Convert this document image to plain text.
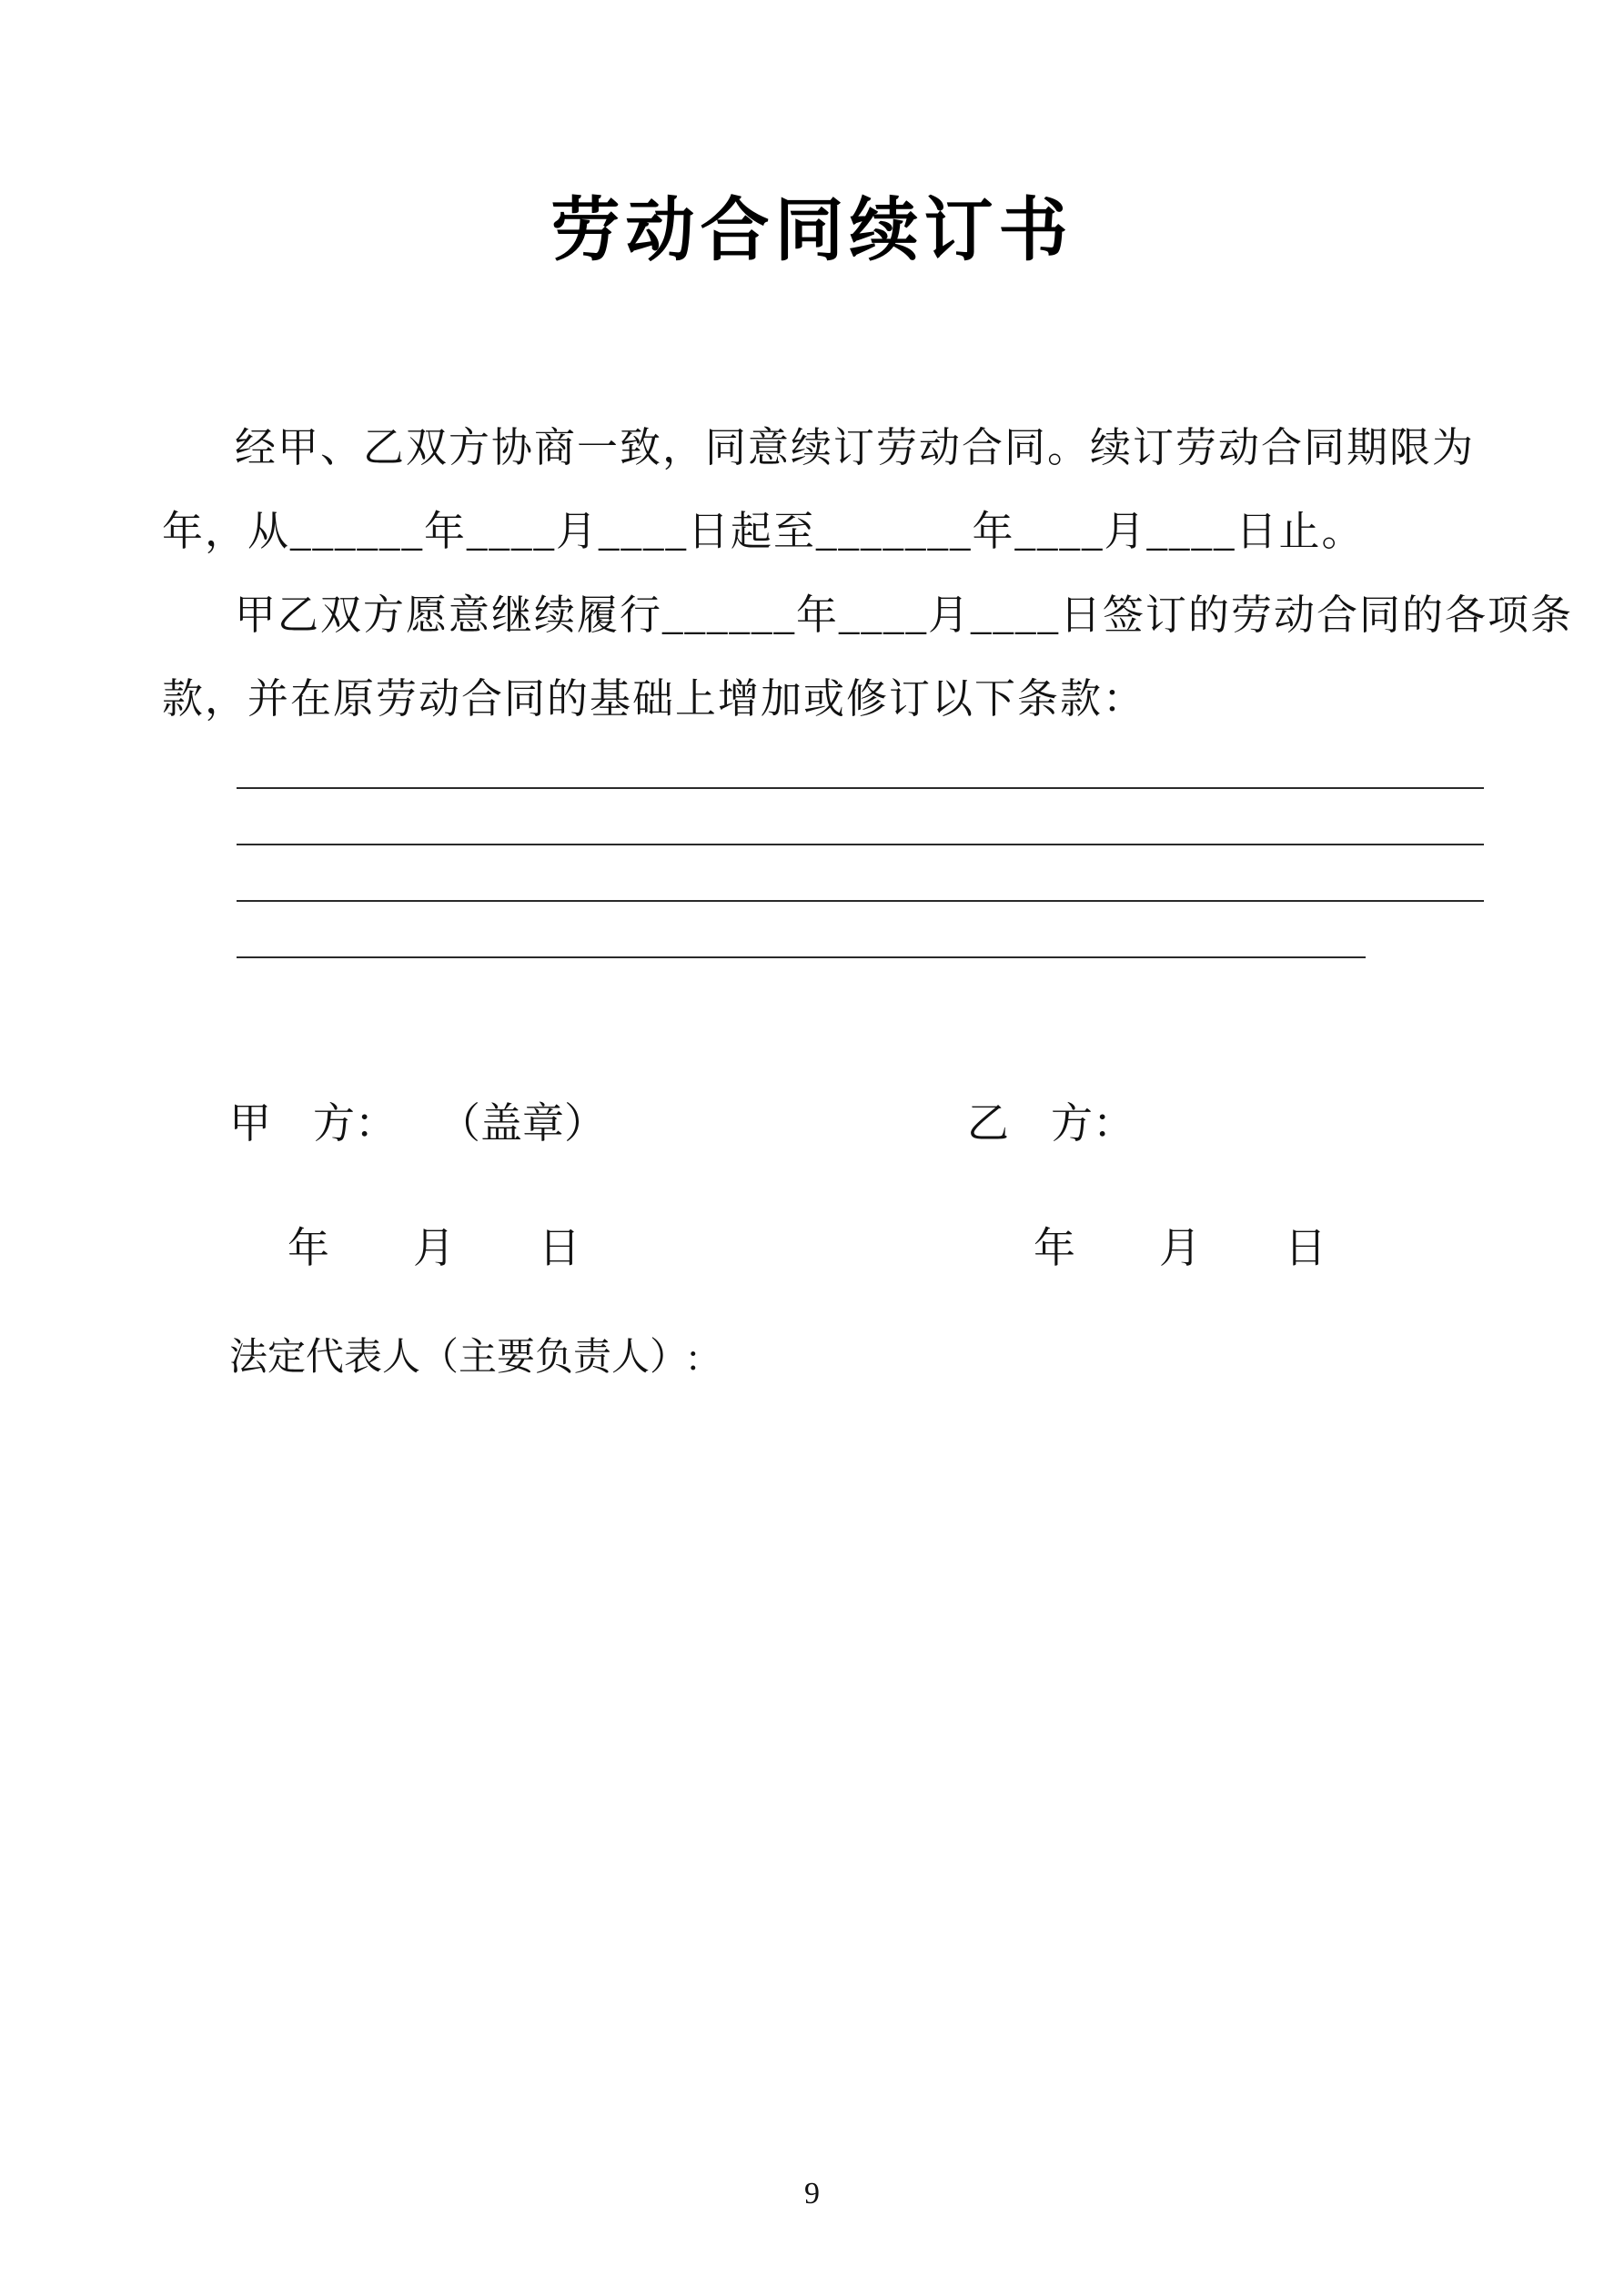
劳动合同续订书

经甲、乙双方协商一致，同意续订劳动合同。续订劳动合同期限为

年，从______年____月____日起至_______年____月____日止。

甲乙双方愿意继续履行______年____月____日签订的劳动合同的各项条

款，并在原劳动合同的基础上增加或修订以下条款：

甲　方：　　（盖章）	乙　方：
年　　月　　日	年　　月　　日
法定代表人（主要负责人）:
9
